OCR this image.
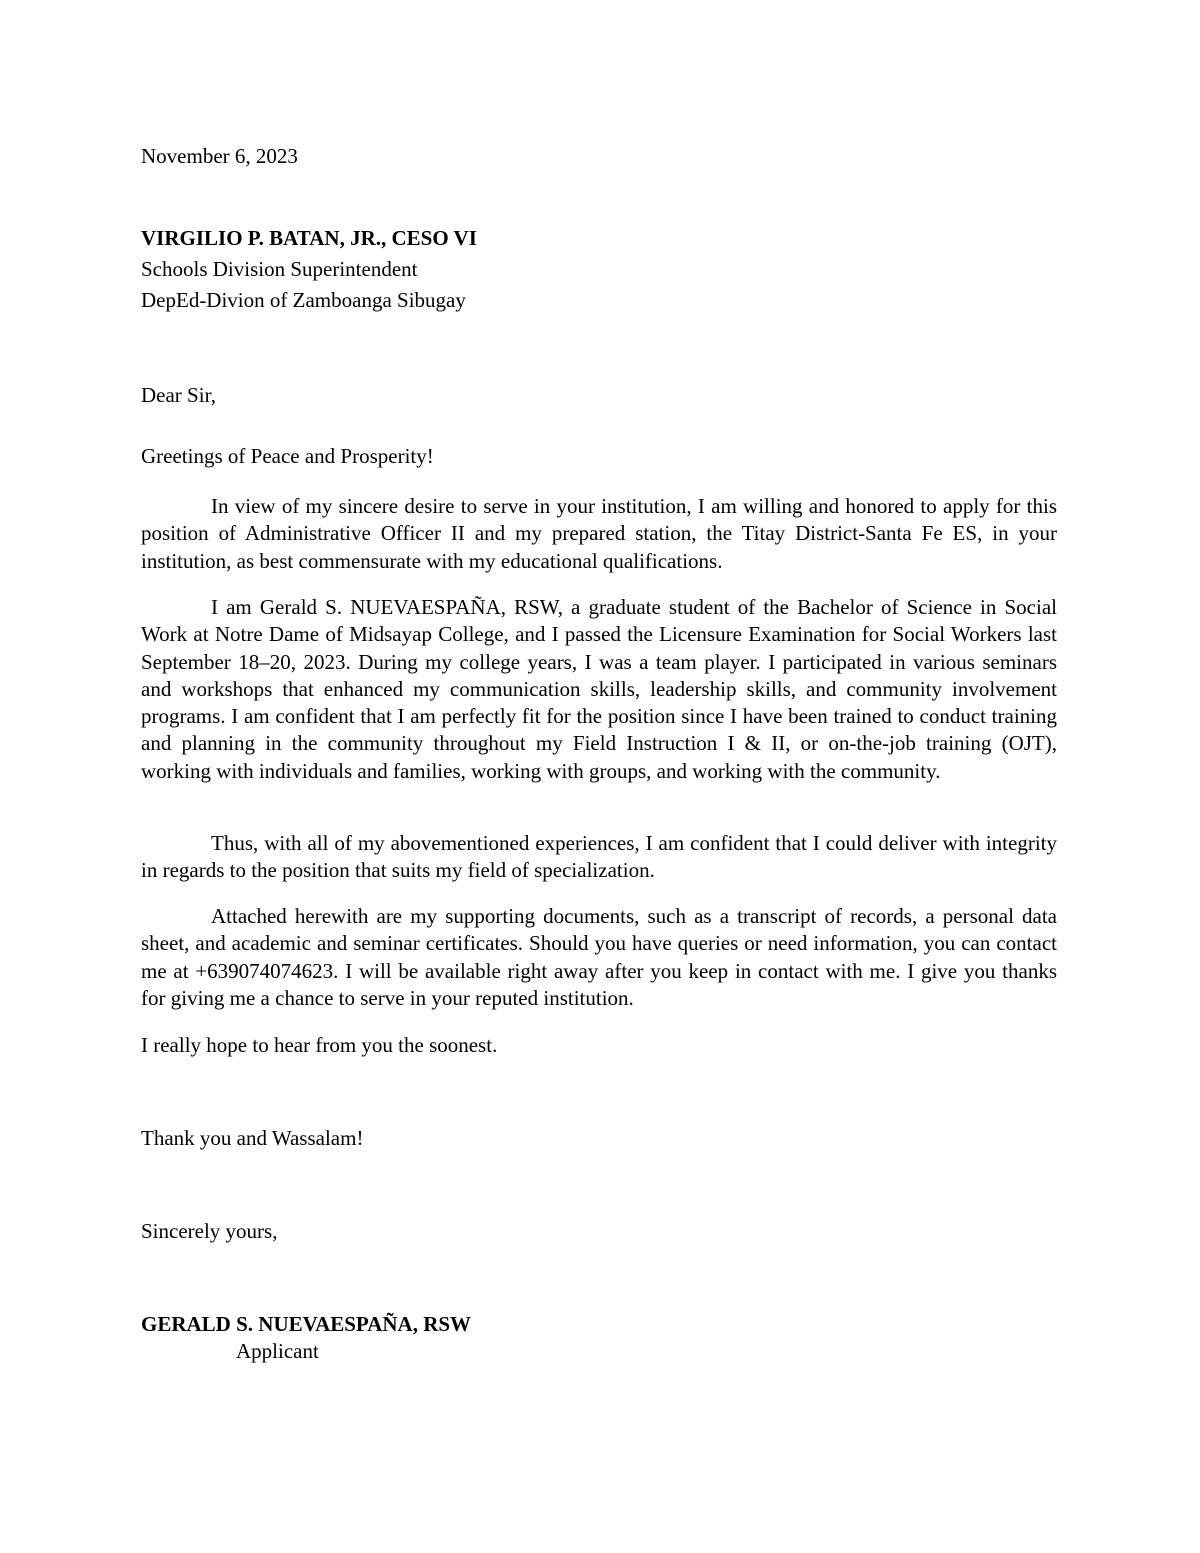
November 6, 2023
VIRGILIO P. BATAN, JR., CESO VI
Schools Division Superintendent
DepEd-Divion of Zamboanga Sibugay
Dear Sir,
Greetings of Peace and Prosperity!

In view of my sincere desire to serve in your institution, I am willing and honored to apply for this position of Administrative Officer II and my prepared station, the Titay District-Santa Fe ES, in your institution, as best commensurate with my educational qualifications.

I am Gerald S. NUEVAESPAÑA, RSW, a graduate student of the Bachelor of Science in Social Work at Notre Dame of Midsayap College, and I passed the Licensure Examination for Social Workers last September 18–20, 2023. During my college years, I was a team player. I participated in various seminars and workshops that enhanced my communication skills, leadership skills, and community involvement programs. I am confident that I am perfectly fit for the position since I have been trained to conduct training and planning in the community throughout my Field Instruction I & II, or on-the-job training (OJT), working with individuals and families, working with groups, and working with the community.

Thus, with all of my abovementioned experiences, I am confident that I could deliver with integrity in regards to the position that suits my field of specialization.

Attached herewith are my supporting documents, such as a transcript of records, a personal data sheet, and academic and seminar certificates. Should you have queries or need information, you can contact me at +639074074623. I will be available right away after you keep in contact with me. I give you thanks for giving me a chance to serve in your reputed institution.

I really hope to hear from you the soonest.
Thank you and Wassalam!
Sincerely yours,
GERALD S. NUEVAESPAÑA, RSW
Applicant
